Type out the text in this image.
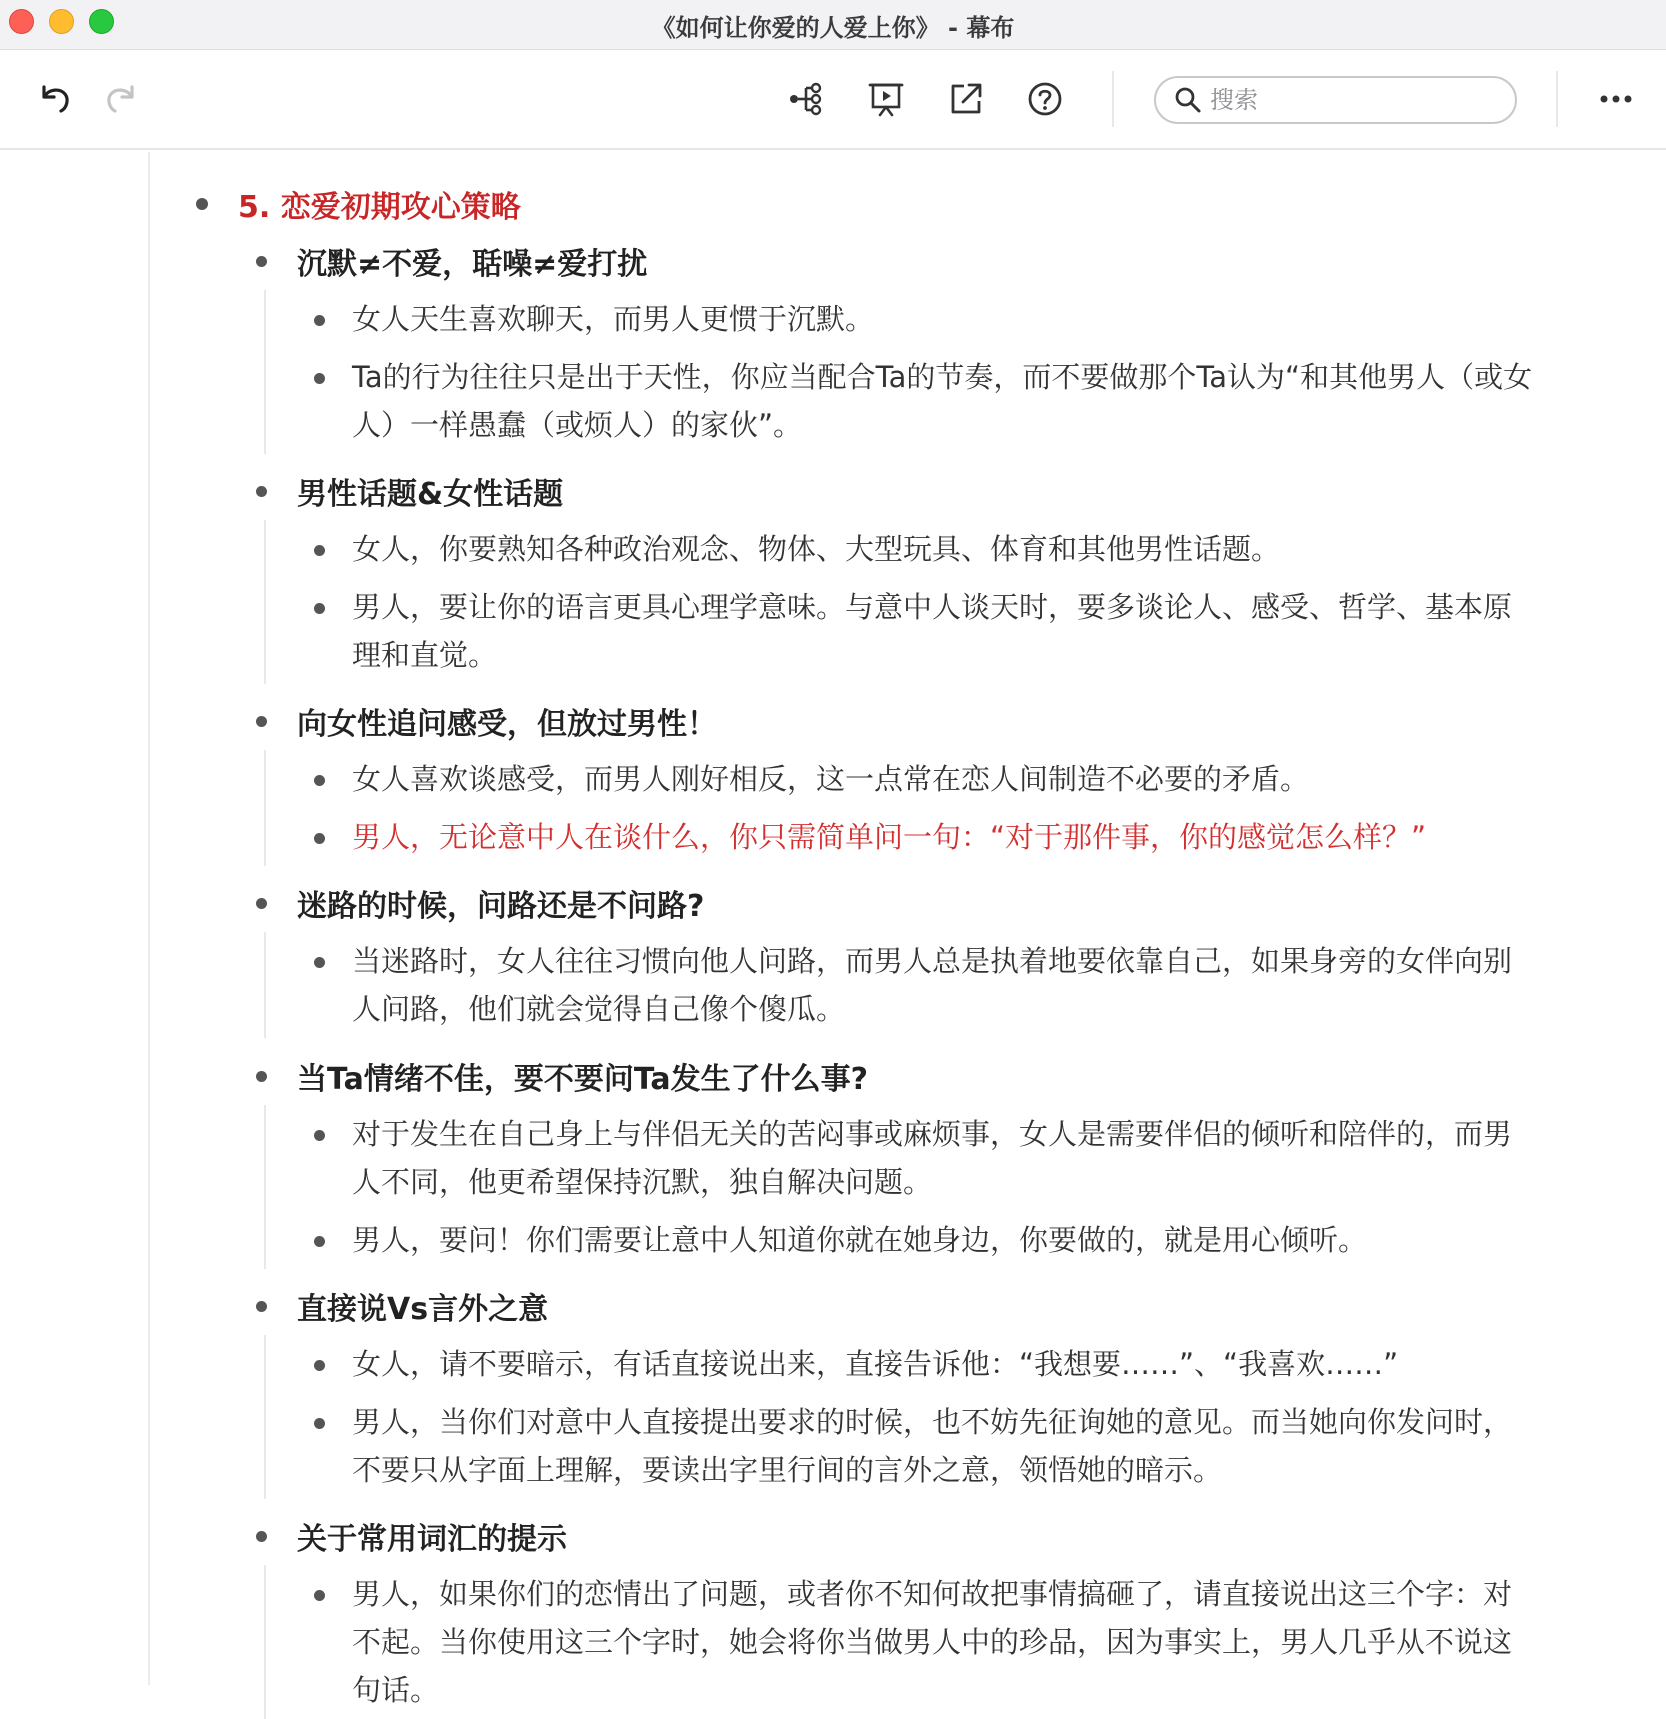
《如何让你爱的人爱上你》 - 幕布
搜索
5. 恋爱初期攻心策略
沉默≠不爱，聒噪≠爱打扰
女人天生喜欢聊天，而男人更惯于沉默。
Ta的行为往往只是出于天性，你应当配合Ta的节奏，而不要做那个Ta认为“和其他男人（或女人）一样愚蠢（或烦人）的家伙”。
男性话题&女性话题
女人，你要熟知各种政治观念、物体、大型玩具、体育和其他男性话题。
男人，要让你的语言更具心理学意味。与意中人谈天时，要多谈论人、感受、哲学、基本原理和直觉。
向女性追问感受，但放过男性！
女人喜欢谈感受，而男人刚好相反，这一点常在恋人间制造不必要的矛盾。
男人，无论意中人在谈什么，你只需简单问一句：“对于那件事，你的感觉怎么样？”
迷路的时候，问路还是不问路?
当迷路时，女人往往习惯向他人问路，而男人总是执着地要依靠自己，如果身旁的女伴向别人问路，他们就会觉得自己像个傻瓜。
当Ta情绪不佳，要不要问Ta发生了什么事?
对于发生在自己身上与伴侣无关的苦闷事或麻烦事，女人是需要伴侣的倾听和陪伴的，而男人不同，他更希望保持沉默，独自解决问题。
男人，要问！你们需要让意中人知道你就在她身边，你要做的，就是用心倾听。
直接说Vs言外之意
女人，请不要暗示，有话直接说出来，直接告诉他：“我想要……”、“我喜欢……”
男人，当你们对意中人直接提出要求的时候，也不妨先征询她的意见。而当她向你发问时，不要只从字面上理解，要读出字里行间的言外之意，领悟她的暗示。
关于常用词汇的提示
男人，如果你们的恋情出了问题，或者你不知何故把事情搞砸了，请直接说出这三个字：对不起。当你使用这三个字时，她会将你当做男人中的珍品，因为事实上，男人几乎从不说这句话。
